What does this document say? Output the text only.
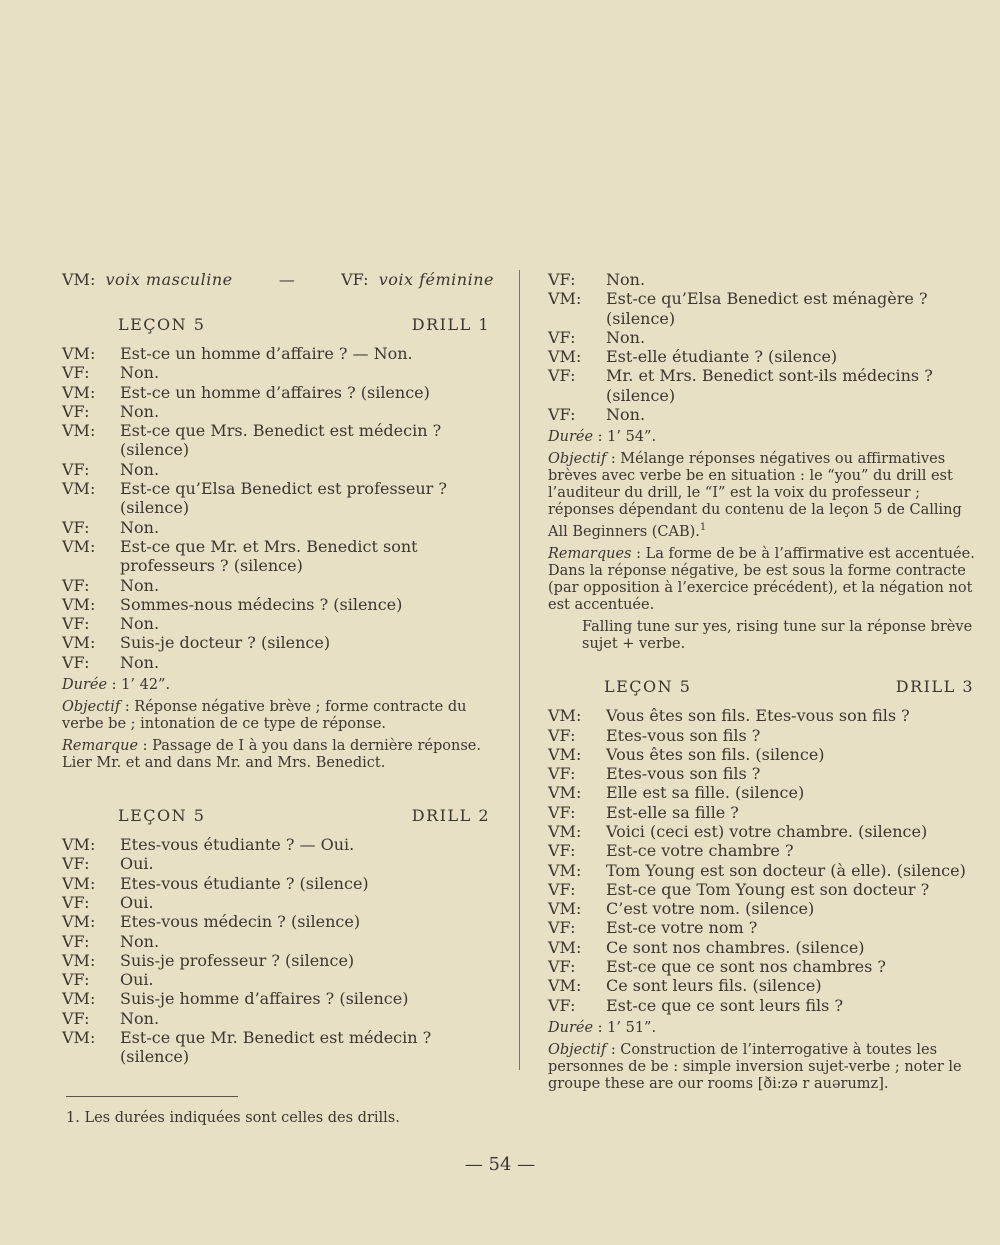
VM: voix masculine	—	VF: voix féminine
LEÇON 5	DRILL 1
VM:	Est-ce un homme d’affaire ? — Non.
VF:	Non.
VM:	Est-ce un homme d’affaires ? (silence)
VF:	Non.
VM:	Est-ce que Mrs. Benedict est médecin ? (silence)
VF:	Non.
VM:	Est-ce qu’Elsa Benedict est professeur ? (silence)
VF:	Non.
VM:	Est-ce que Mr. et Mrs. Benedict sont professeurs ? (silence)
VF:	Non.
VM:	Sommes-nous médecins ? (silence)
VF:	Non.
VM:	Suis-je docteur ? (silence)
VF:	Non.
Durée : 1’ 42”.
Objectif : Réponse négative brève ; forme contracte du verbe be ; intonation de ce type de réponse.
Remarque : Passage de I à you dans la dernière réponse. Lier Mr. et and dans Mr. and Mrs. Benedict.
LEÇON 5	DRILL 2
VM:	Etes-vous étudiante ? — Oui.
VF:	Oui.
VM:	Etes-vous étudiante ? (silence)
VF:	Oui.
VM:	Etes-vous médecin ? (silence)
VF:	Non.
VM:	Suis-je professeur ? (silence)
VF:	Oui.
VM:	Suis-je homme d’affaires ? (silence)
VF:	Non.
VM:	Est-ce que Mr. Benedict est médecin ? (silence)
VF:	Non.
VM:	Est-ce qu’Elsa Benedict est ménagère ? (silence)
VF:	Non.
VM:	Est-elle étudiante ? (silence)
VF:	Mr. et Mrs. Benedict sont-ils médecins ? (silence)
VF:	Non.
Durée : 1’ 54”.
Objectif : Mélange réponses négatives ou affirmatives brèves avec verbe be en situation : le “you” du drill est l’auditeur du drill, le “I” est la voix du professeur ; réponses dépendant du contenu de la leçon 5 de Calling All Beginners (CAB).$^1$
Remarques : La forme de be à l’affirmative est accentuée. Dans la réponse négative, be est sous la forme contracte (par opposition à l’exercice précédent), et la négation not est accentuée.
Falling tune sur yes, rising tune sur la réponse brève sujet + verbe.
LEÇON 5	DRILL 3
VM:	Vous êtes son fils. Etes-vous son fils ?
VF:	Etes-vous son fils ?
VM:	Vous êtes son fils. (silence)
VF:	Etes-vous son fils ?
VM:	Elle est sa fille. (silence)
VF:	Est-elle sa fille ?
VM:	Voici (ceci est) votre chambre. (silence)
VF:	Est-ce votre chambre ?
VM:	Tom Young est son docteur (à elle). (silence)
VF:	Est-ce que Tom Young est son docteur ?
VM:	C’est votre nom. (silence)
VF:	Est-ce votre nom ?
VM:	Ce sont nos chambres. (silence)
VF:	Est-ce que ce sont nos chambres ?
VM:	Ce sont leurs fils. (silence)
VF:	Est-ce que ce sont leurs fils ?
Durée : 1’ 51”.
Objectif : Construction de l’interrogative à toutes les personnes de be : simple inversion sujet-verbe ; noter le groupe these are our rooms [ði:zə r auərumz].
1. Les durées indiquées sont celles des drills.
— 54 —
